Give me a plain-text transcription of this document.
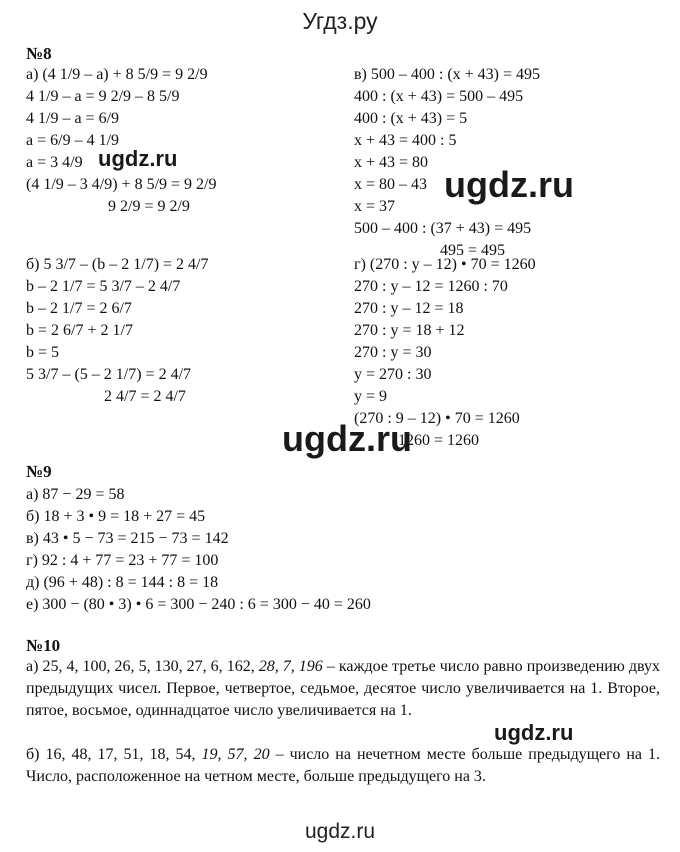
Угдз.ру
№8
а) (4 1/9 – а) + 8 5/9 = 9 2/9
4 1/9 – а = 9 2/9 – 8 5/9
4 1/9 – а = 6/9
а = 6/9 – 4 1/9
а = 3 4/9
(4 1/9 – 3 4/9) + 8 5/9 = 9 2/9
9 2/9 = 9 2/9
б) 5 3/7 – (b – 2 1/7) = 2 4/7
b – 2 1/7 = 5 3/7 – 2 4/7
b – 2 1/7 = 2 6/7
b = 2 6/7 + 2 1/7
b = 5
5 3/7 – (5 – 2 1/7) = 2 4/7
2 4/7 = 2 4/7
в) 500 – 400 : (x + 43) = 495
400 : (x + 43) = 500 – 495
400 : (x + 43) = 5
x + 43 = 400 : 5
x + 43 = 80
x = 80 – 43
x = 37
500 – 400 : (37 + 43) = 495
495 = 495
г) (270 : y – 12) • 70 = 1260
270 : y – 12 = 1260 : 70
270 : y – 12 = 18
270 : y = 18 + 12
270 : y = 30
y = 270 : 30
y = 9
(270 : 9 – 12) • 70 = 1260
1260 = 1260
№9
а) 87 − 29 = 58
б) 18 + 3 • 9 = 18 + 27 = 45
в) 43 • 5 − 73 = 215 − 73 = 142
г) 92 : 4 + 77 = 23 + 77 = 100
д) (96 + 48) : 8 = 144 : 8 = 18
е) 300 − (80 • 3) • 6 = 300 − 240 : 6 = 300 − 40 = 260
№10

а) 25, 4, 100, 26, 5, 130, 27, 6, 162, 28, 7, 196 – каждое третье число равно произведению двух предыдущих чисел. Первое, четвертое, седьмое, десятое число увеличивается на 1. Второе, пятое, восьмое, одиннадцатое число увеличивается на 1.

б) 16, 48, 17, 51, 18, 54, 19, 57, 20 – число на нечетном месте больше предыдущего на 1. Число, расположенное на четном месте, больше предыдущего на 3.

ugdz.ru
ugdz.ru
ugdz.ru
ugdz.ru
ugdz.ru
